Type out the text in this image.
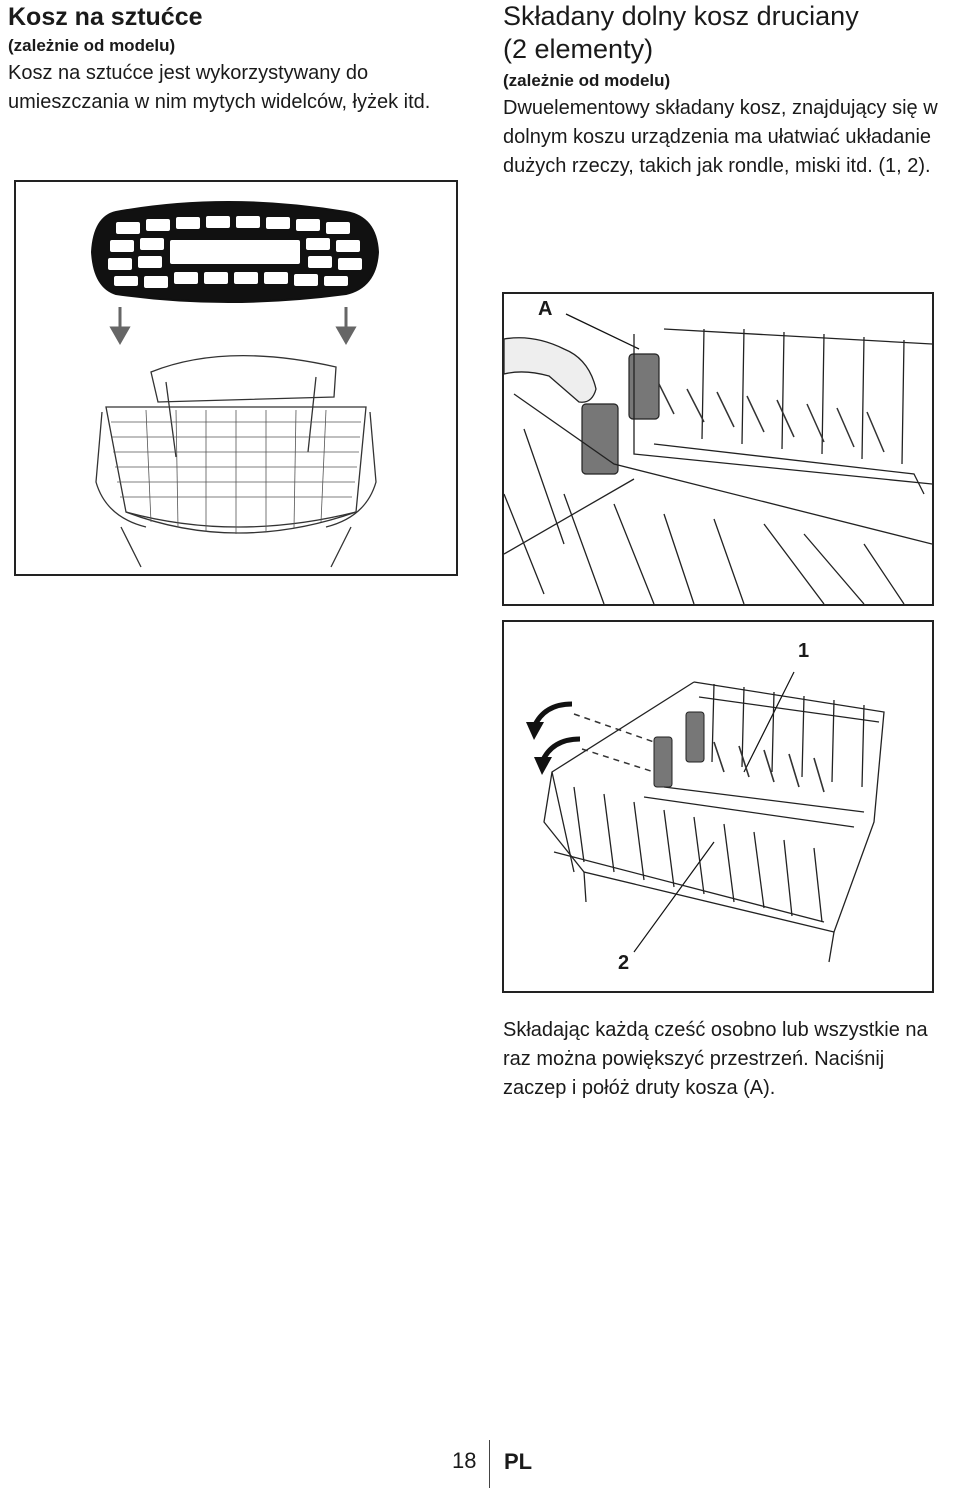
Kosz na sztućce

(zależnie od modelu)

Kosz na sztućce jest wykorzystywany do umieszczania w nim mytych widelców, łyżek itd.

Składany dolny kosz druciany
(2 elementy)

(zależnie od modelu)

Dwuelementowy składany kosz, znajdujący się w dolnym koszu urządzenia ma ułatwiać układanie dużych rzeczy, takich jak rondle, miski itd. (1, 2).

A
1
2

Składając każdą cześć osobno lub wszystkie na raz można powiększyć przestrzeń. Naciśnij zaczep i połóż druty kosza (A).

18 PL
